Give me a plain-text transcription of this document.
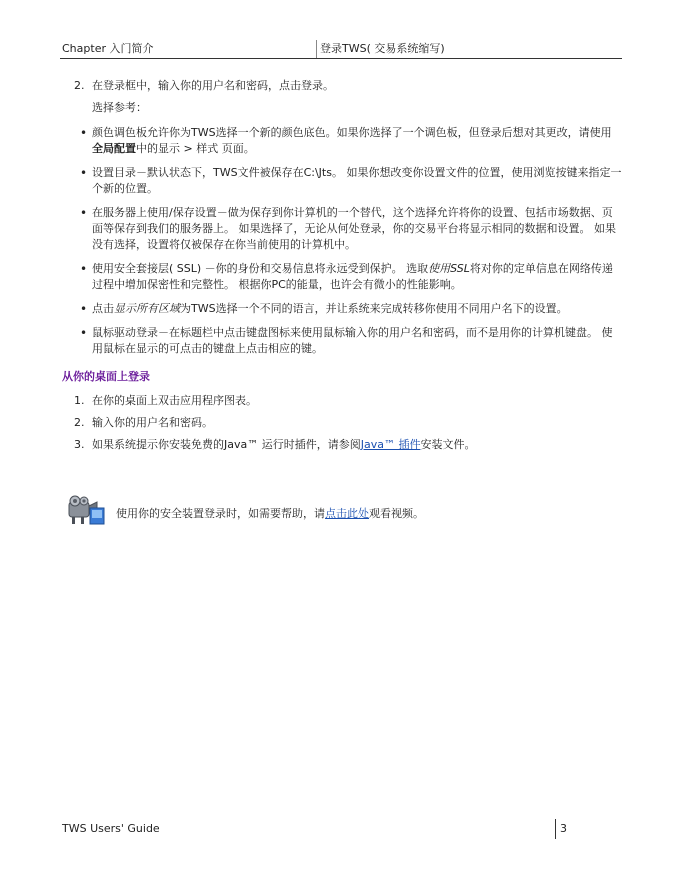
Chapter 入门简介	登录TWS( 交易系统缩写)
2. 在登录框中，输入你的用户名和密码，点击登录。
选择参考：
• 颜色调色板允许你为TWS选择一个新的颜色底色。如果你选择了一个调色板，但登录后想对其更改，请使用全局配置中的显示 > 样式 页面。
• 设置目录－默认状态下，TWS文件被保存在C:\Jts。 如果你想改变你设置文件的位置，使用浏览按键来指定一个新的位置。
• 在服务器上使用/保存设置－做为保存到你计算机的一个替代，这个选择允许将你的设置、包括市场数据、页面等保存到我们的服务器上。 如果选择了，无论从何处登录，你的交易平台将显示相同的数据和设置。 如果没有选择，设置将仅被保存在你当前使用的计算机中。
• 使用安全套接层( SSL) －你的身份和交易信息将永远受到保护。 选取使用SSL将对你的定单信息在网络传递过程中增加保密性和完整性。 根据你PC的能量，也许会有微小的性能影响。
• 点击显示所有区域为TWS选择一个不同的语言，并让系统来完成转移你使用不同用户名下的设置。
• 鼠标驱动登录－在标题栏中点击键盘图标来使用鼠标输入你的用户名和密码，而不是用你的计算机键盘。 使用鼠标在显示的可点击的键盘上点击相应的键。
从你的桌面上登录
1. 在你的桌面上双击应用程序图表。
2. 输入你的用户名和密码。
3. 如果系统提示你安装免费的Java™ 运行时插件，请参阅Java™ 插件安装文件。
使用你的安全装置登录时，如需要帮助，请点击此处观看视频。
TWS Users' Guide	3
